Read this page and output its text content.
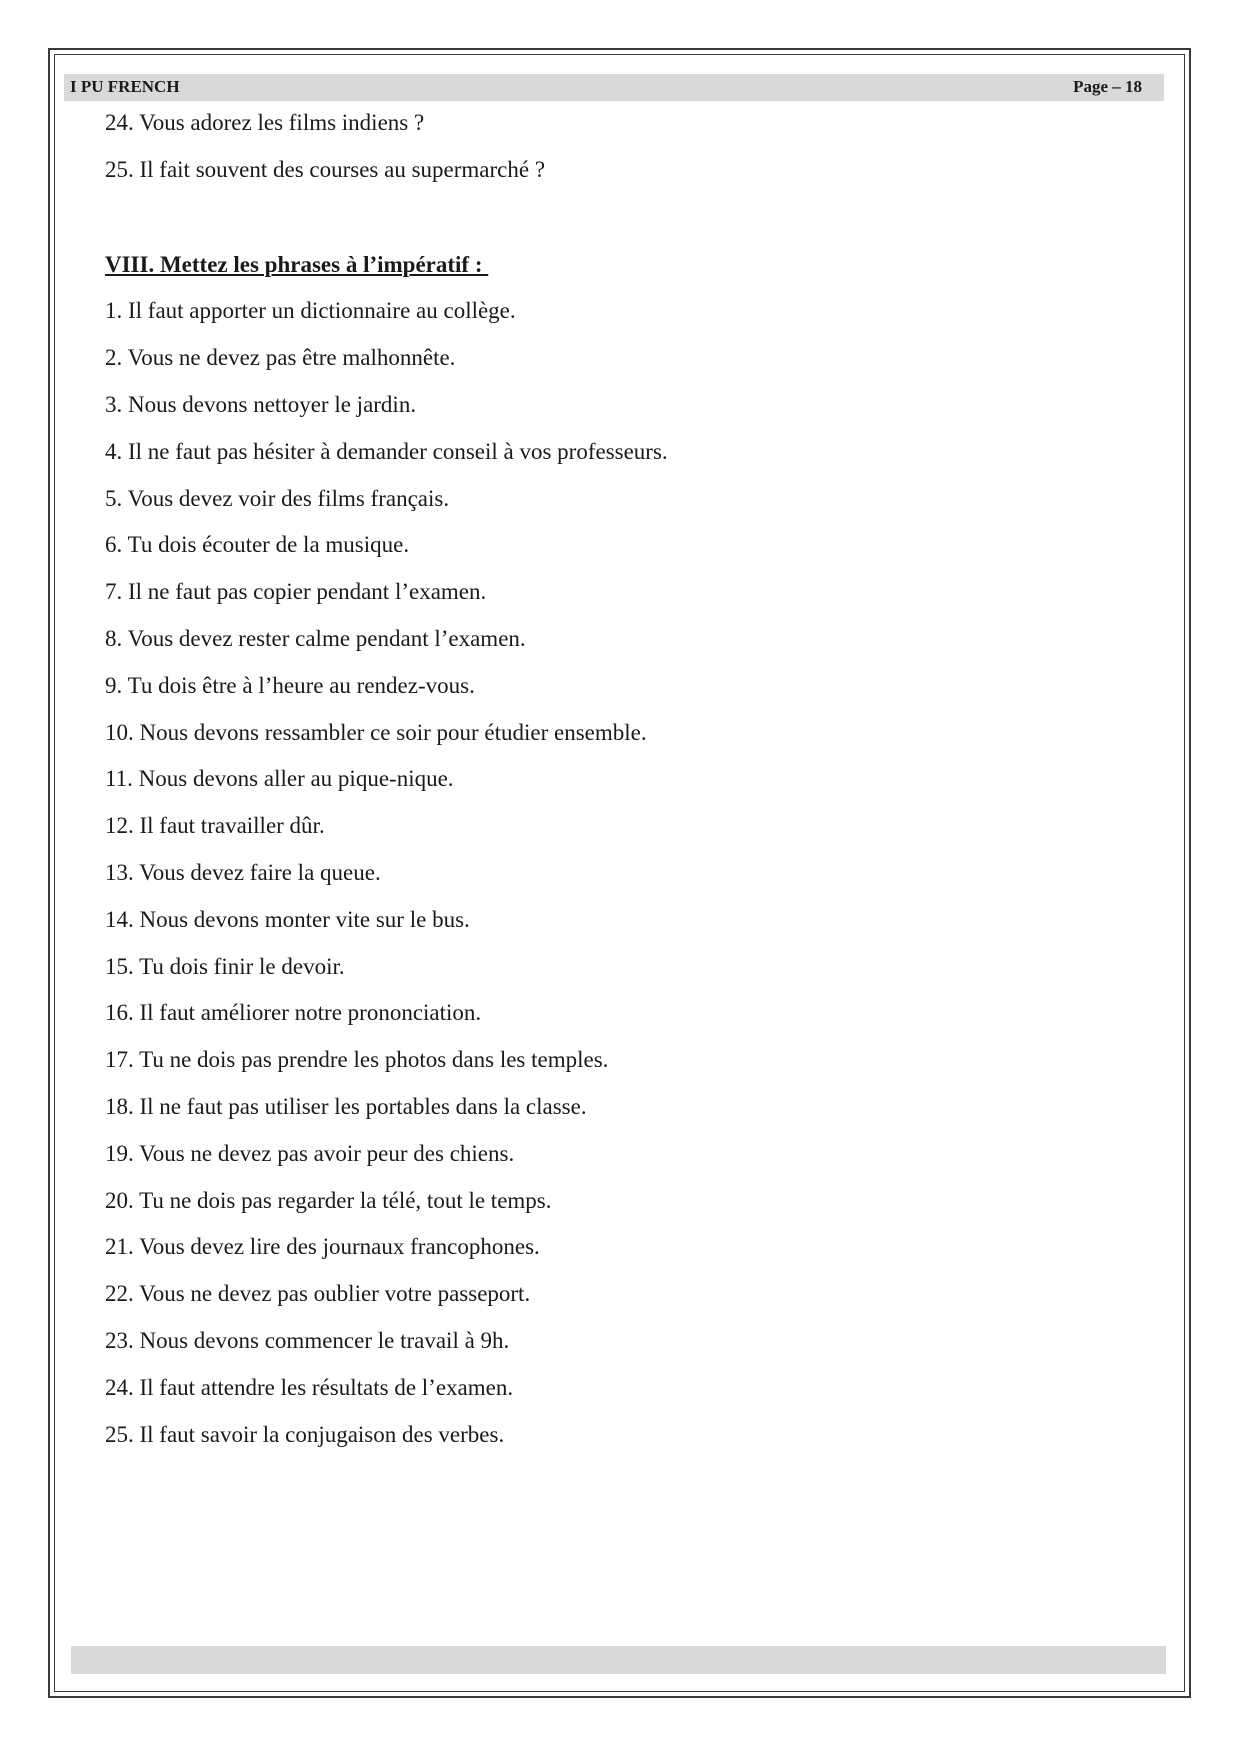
I PU FRENCH	Page – 18
24. Vous adorez les films indiens ?
25. Il fait souvent des courses au supermarché ?
VIII. Mettez les phrases à l’impératif :
1. Il faut apporter un dictionnaire au collège.
2. Vous ne devez pas être malhonnête.
3. Nous devons nettoyer le jardin.
4. Il ne faut pas hésiter à demander conseil à vos professeurs.
5. Vous devez voir des films français.
6. Tu dois écouter de la musique.
7. Il ne faut pas copier pendant l’examen.
8. Vous devez rester calme pendant l’examen.
9. Tu dois être à l’heure au rendez-vous.
10. Nous devons ressambler ce soir pour étudier ensemble.
11. Nous devons aller au pique-nique.
12. Il faut travailler dûr.
13. Vous devez faire la queue.
14. Nous devons monter vite sur le bus.
15. Tu dois finir le devoir.
16. Il faut améliorer notre prononciation.
17. Tu ne dois pas prendre les photos dans les temples.
18. Il ne faut pas utiliser les portables dans la classe.
19. Vous ne devez pas avoir peur des chiens.
20. Tu ne dois pas regarder la télé, tout le temps.
21. Vous devez lire des journaux francophones.
22. Vous ne devez pas oublier votre passeport.
23. Nous devons commencer le travail à 9h.
24. Il faut attendre les résultats de l’examen.
25. Il faut savoir la conjugaison des verbes.
